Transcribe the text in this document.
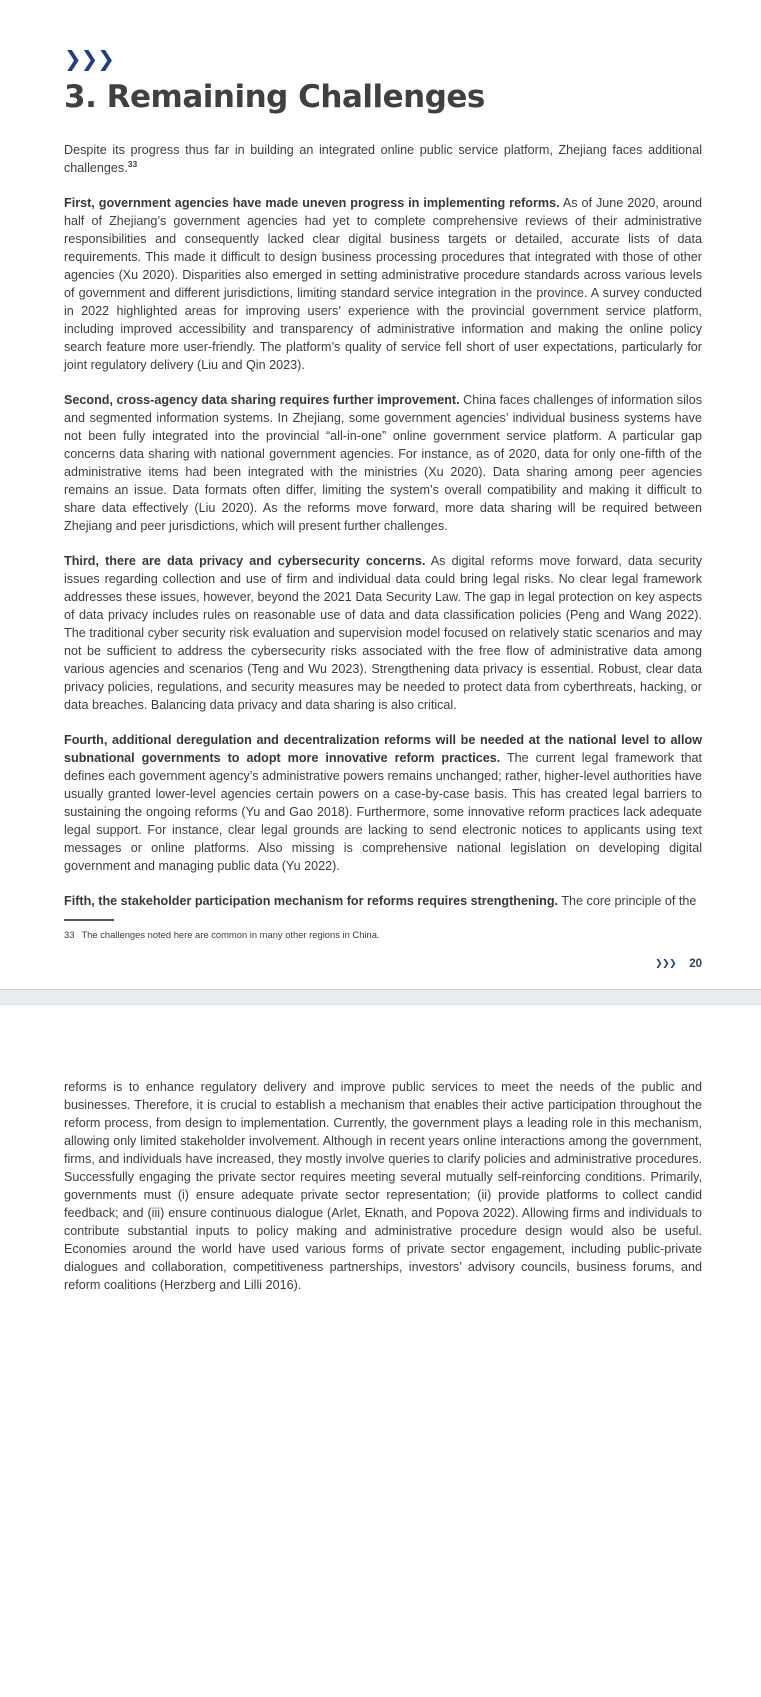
❯❯❯
3. Remaining Challenges

Despite its progress thus far in building an integrated online public service platform, Zhejiang faces additional challenges.$^{33}$

First, government agencies have made uneven progress in implementing reforms. As of June 2020, around half of Zhejiang’s government agencies had yet to complete comprehensive reviews of their administrative responsibilities and consequently lacked clear digital business targets or detailed, accurate lists of data requirements. This made it difficult to design business processing procedures that integrated with those of other agencies (Xu 2020). Disparities also emerged in setting administrative procedure standards across various levels of government and different jurisdictions, limiting standard service integration in the province. A survey conducted in 2022 highlighted areas for improving users’ experience with the provincial government service platform, including improved accessibility and transparency of administrative information and making the online policy search feature more user-friendly. The platform’s quality of service fell short of user expectations, particularly for joint regulatory delivery (Liu and Qin 2023).

Second, cross-agency data sharing requires further improvement. China faces challenges of information silos and segmented information systems. In Zhejiang, some government agencies’ individual business systems have not been fully integrated into the provincial “all-in-one” online government service platform. A particular gap concerns data sharing with national government agencies. For instance, as of 2020, data for only one-fifth of the administrative items had been integrated with the ministries (Xu 2020). Data sharing among peer agencies remains an issue. Data formats often differ, limiting the system’s overall compatibility and making it difficult to share data effectively (Liu 2020). As the reforms move forward, more data sharing will be required between Zhejiang and peer jurisdictions, which will present further challenges.

Third, there are data privacy and cybersecurity concerns. As digital reforms move forward, data security issues regarding collection and use of firm and individual data could bring legal risks. No clear legal framework addresses these issues, however, beyond the 2021 Data Security Law. The gap in legal protection on key aspects of data privacy includes rules on reasonable use of data and data classification policies (Peng and Wang 2022). The traditional cyber security risk evaluation and supervision model focused on relatively static scenarios and may not be sufficient to address the cybersecurity risks associated with the free flow of administrative data among various agencies and scenarios (Teng and Wu 2023). Strengthening data privacy is essential. Robust, clear data privacy policies, regulations, and security measures may be needed to protect data from cyberthreats, hacking, or data breaches. Balancing data privacy and data sharing is also critical.

Fourth, additional deregulation and decentralization reforms will be needed at the national level to allow subnational governments to adopt more innovative reform practices. The current legal framework that defines each government agency’s administrative powers remains unchanged; rather, higher-level authorities have usually granted lower-level agencies certain powers on a case-by-case basis. This has created legal barriers to sustaining the ongoing reforms (Yu and Gao 2018). Furthermore, some innovative reform practices lack adequate legal support. For instance, clear legal grounds are lacking to send electronic notices to applicants using text messages or online platforms. Also missing is comprehensive national legislation on developing digital government and managing public data (Yu 2022).

Fifth, the stakeholder participation mechanism for reforms requires strengthening. The core principle of the

33 The challenges noted here are common in many other regions in China.
❯❯❯ 20

reforms is to enhance regulatory delivery and improve public services to meet the needs of the public and businesses. Therefore, it is crucial to establish a mechanism that enables their active participation throughout the reform process, from design to implementation. Currently, the government plays a leading role in this mechanism, allowing only limited stakeholder involvement. Although in recent years online interactions among the government, firms, and individuals have increased, they mostly involve queries to clarify policies and administrative procedures. Successfully engaging the private sector requires meeting several mutually self-reinforcing conditions. Primarily, governments must (i) ensure adequate private sector representation; (ii) provide platforms to collect candid feedback; and (iii) ensure continuous dialogue (Arlet, Eknath, and Popova 2022). Allowing firms and individuals to contribute substantial inputs to policy making and administrative procedure design would also be useful. Economies around the world have used various forms of private sector engagement, including public-private dialogues and collaboration, competitiveness partnerships, investors’ advisory councils, business forums, and reform coalitions (Herzberg and Lilli 2016).
